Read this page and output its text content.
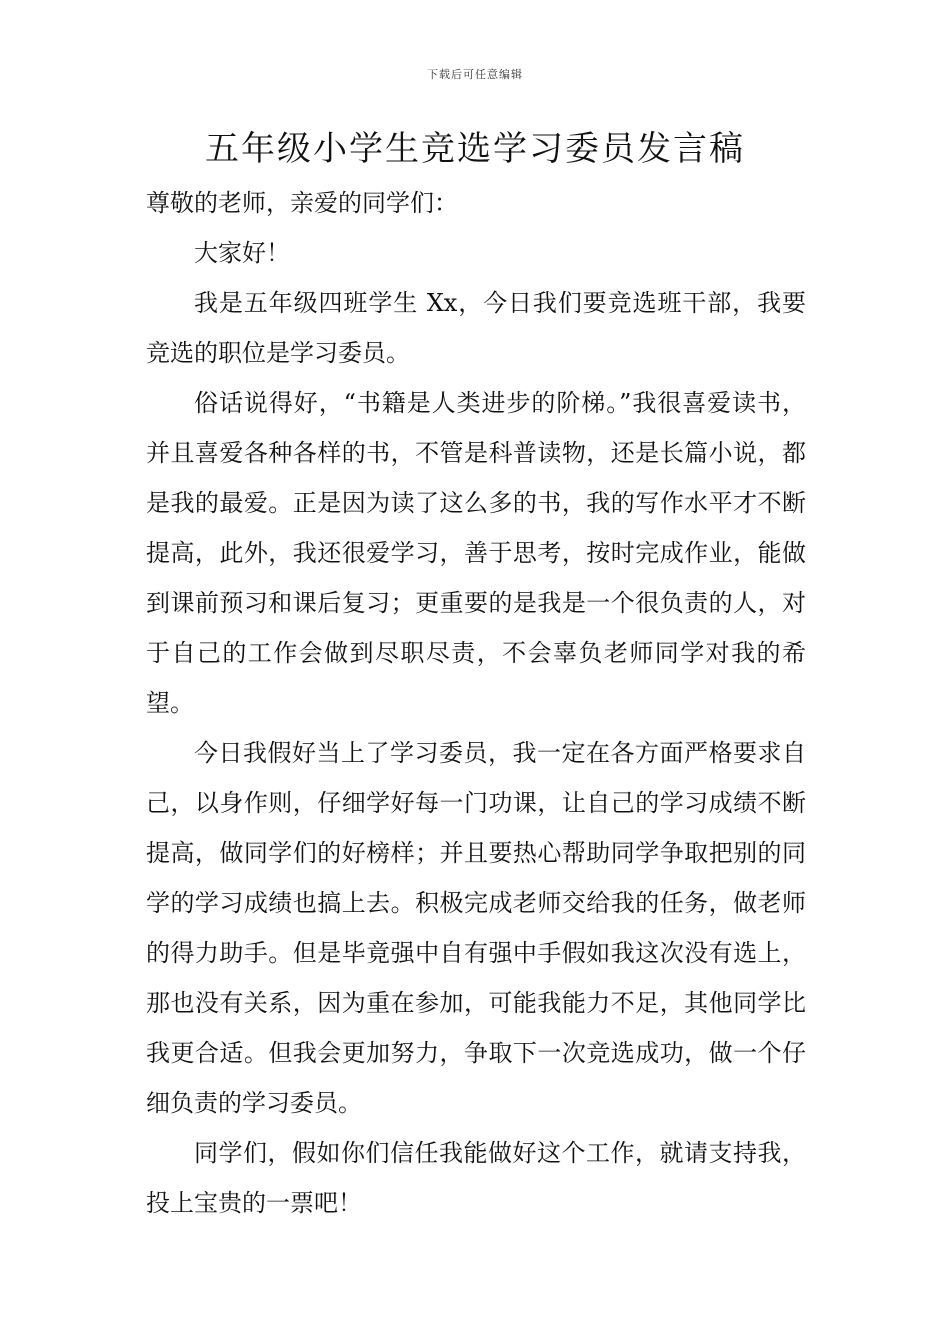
下载后可任意编辑
五年级小学生竞选学习委员发言稿

尊敬的老师，亲爱的同学们：

大家好！

我是五年级四班学生 Xx，今日我们要竞选班干部，我要竞选的职位是学习委员。

俗话说得好，“书籍是人类进步的阶梯。”我很喜爱读书，并且喜爱各种各样的书，不管是科普读物，还是长篇小说，都是我的最爱。正是因为读了这么多的书，我的写作水平才不断提高，此外，我还很爱学习，善于思考，按时完成作业，能做到课前预习和课后复习；更重要的是我是一个很负责的人，对于自己的工作会做到尽职尽责，不会辜负老师同学对我的希望。

今日我假好当上了学习委员，我一定在各方面严格要求自己，以身作则，仔细学好每一门功课，让自己的学习成绩不断提高，做同学们的好榜样；并且要热心帮助同学争取把别的同学的学习成绩也搞上去。积极完成老师交给我的任务，做老师的得力助手。但是毕竟强中自有强中手假如我这次没有选上，那也没有关系，因为重在参加，可能我能力不足，其他同学比我更合适。但我会更加努力，争取下一次竞选成功，做一个仔细负责的学习委员。

同学们，假如你们信任我能做好这个工作，就请支持我，投上宝贵的一票吧！
